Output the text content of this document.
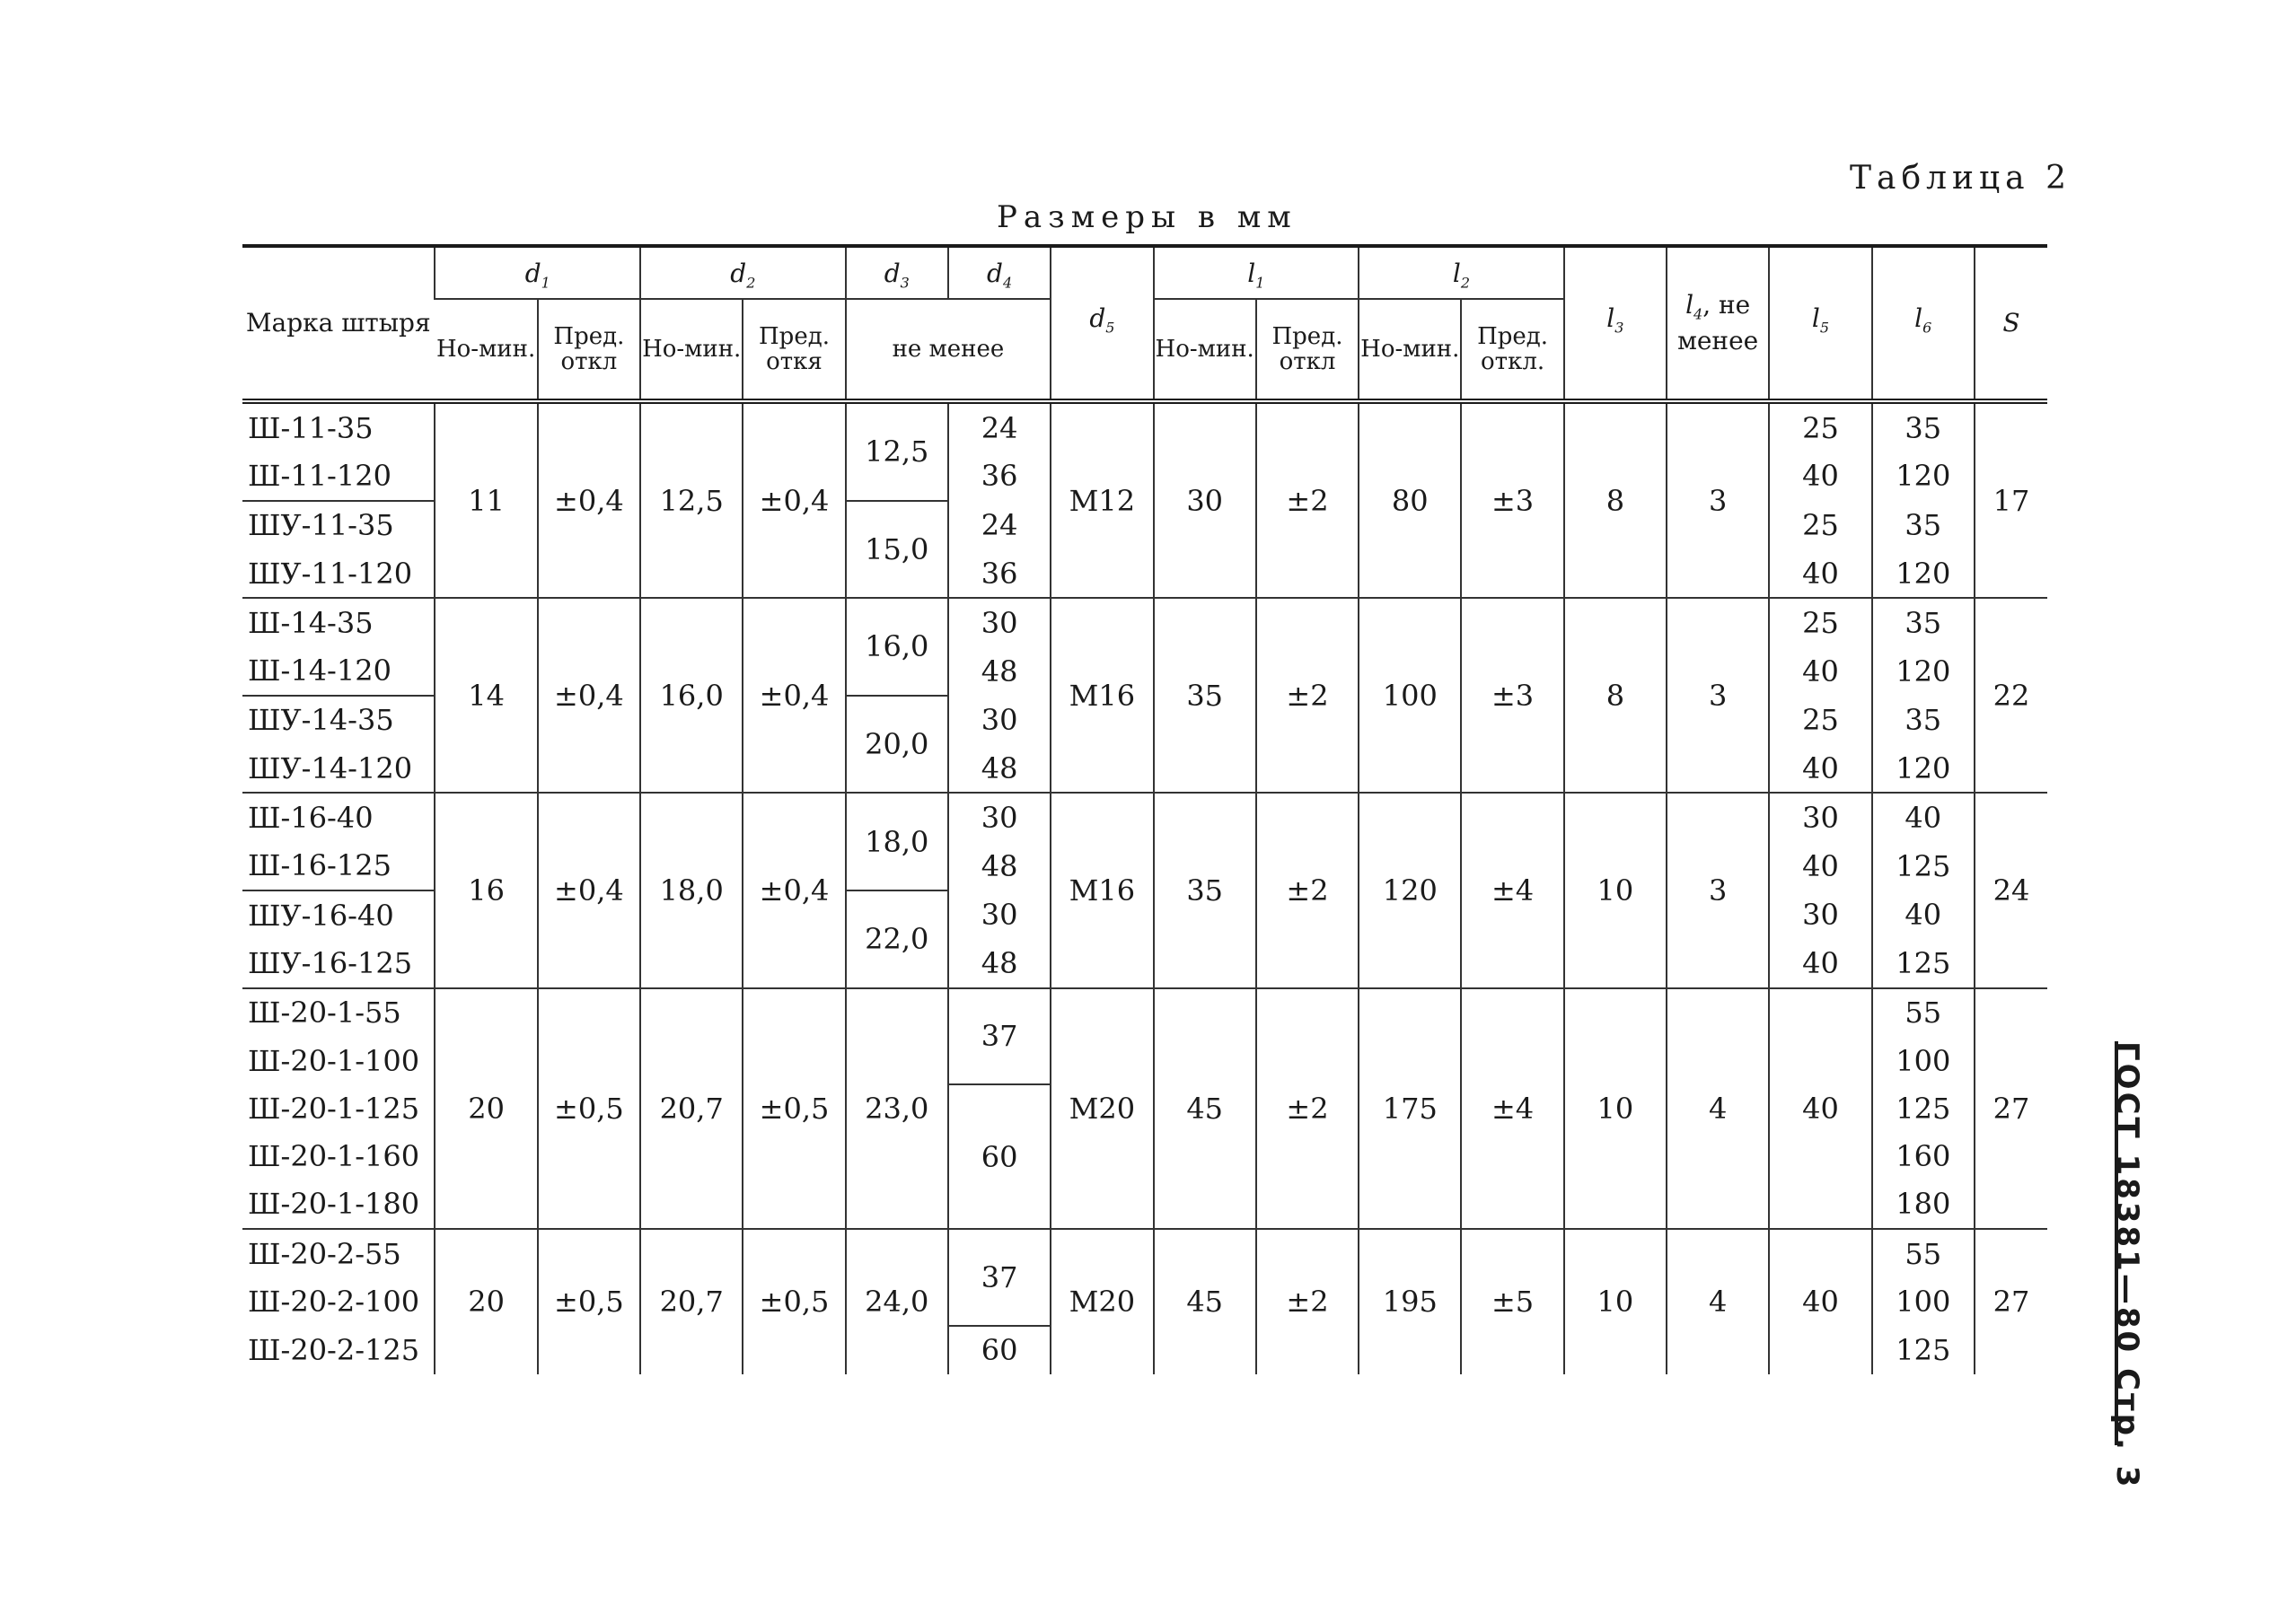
Таблица 2
Размеры в мм
ГОСТ 18381—80 Стр. 3
Марка штыря	$d_1$		$d_2$		$d_3$	$d_4$	$d_5$	$l_1$		$l_2$		$l_3$	$l_4$, не менее	$l_5$	$l_6$	S
	Но-мин.	Пред. откл	Но-мин.	Пред. откя	не менее			Но-мин.	Пред. откл	Но-мин.	Пред. откл.					
Ш-11-35	11	±0,4	12,5	±0,4	12,5	24	М12	30	±2	80	±3	8	3	25	35	17
Ш-11-120						36								40	120	
ШУ-11-35					15,0	24								25	35	
ШУ-11-120						36								40	120	
Ш-14-35	14	±0,4	16,0	±0,4	16,0	30	М16	35	±2	100	±3	8	3	25	35	22
Ш-14-120						48								40	120	
ШУ-14-35					20,0	30								25	35	
ШУ-14-120						48								40	120	
Ш-16-40	16	±0,4	18,0	±0,4	18,0	30	М16	35	±2	120	±4	10	3	30	40	24
Ш-16-125						48								40	125	
ШУ-16-40					22,0	30								30	40	
ШУ-16-125						48								40	125	
Ш-20-1-55	20	±0,5	20,7	±0,5	23,0	37	М20	45	±2	175	±4	10	4	40	55	27
Ш-20-1-100															100	
Ш-20-1-125						60									125	
Ш-20-1-160															160	
Ш-20-1-180															180	
Ш-20-2-55	20	±0,5	20,7	±0,5	24,0	37	М20	45	±2	195	±5	10	4	40	55	27
Ш-20-2-100															100	
Ш-20-2-125						60									125	
